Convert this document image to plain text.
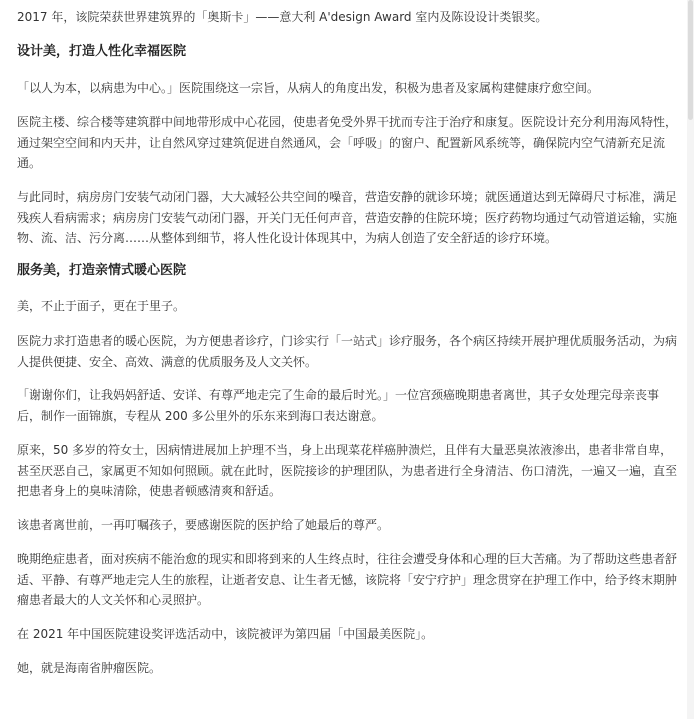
2017 年，该院荣获世界建筑界的「奥斯卡」——意大利 A'design Award 室内及陈设设计类银奖。

设计美，打造人性化幸福医院

「以人为本，以病患为中心。」医院围绕这一宗旨，从病人的角度出发，积极为患者及家属构建健康疗愈空间。

医院主楼、综合楼等建筑群中间地带形成中心花园，使患者免受外界干扰而专注于治疗和康复。医院设计充分利用海风特性，通过架空空间和内天井，让自然风穿过建筑促进自然通风，会「呼吸」的窗户、配置新风系统等，确保院内空气清新充足流通。

与此同时，病房房门安装气动闭门器，大大减轻公共空间的噪音，营造安静的就诊环境；就医通道达到无障碍尺寸标准，满足残疾人看病需求；病房房门安装气动闭门器，开关门无任何声音，营造安静的住院环境；医疗药物均通过气动管道运输，实施物、流、洁、污分离……从整体到细节，将人性化设计体现其中，为病人创造了安全舒适的诊疗环境。

服务美，打造亲情式暖心医院

美，不止于面子，更在于里子。

医院力求打造患者的暖心医院，为方便患者诊疗，门诊实行「一站式」诊疗服务，各个病区持续开展护理优质服务活动，为病人提供便捷、安全、高效、满意的优质服务及人文关怀。

「谢谢你们，让我妈妈舒适、安详、有尊严地走完了生命的最后时光。」一位宫颈癌晚期患者离世，其子女处理完母亲丧事后，制作一面锦旗，专程从 200 多公里外的乐东来到海口表达谢意。

原来，50 多岁的符女士，因病情进展加上护理不当，身上出现菜花样癌肿溃烂，且伴有大量恶臭浓液渗出，患者非常自卑，甚至厌恶自己，家属更不知如何照顾。就在此时，医院接诊的护理团队，为患者进行全身清洁、伤口清洗，一遍又一遍，直至把患者身上的臭味清除，使患者顿感清爽和舒适。

该患者离世前，一再叮嘱孩子，要感谢医院的医护给了她最后的尊严。

晚期绝症患者，面对疾病不能治愈的现实和即将到来的人生终点时，往往会遭受身体和心理的巨大苦痛。为了帮助这些患者舒适、平静、有尊严地走完人生的旅程，让逝者安息、让生者无憾，该院将「安宁疗护」理念贯穿在护理工作中，给予终末期肿瘤患者最大的人文关怀和心灵照护。

在 2021 年中国医院建设奖评选活动中，该院被评为第四届「中国最美医院」。

她，就是海南省肿瘤医院。
